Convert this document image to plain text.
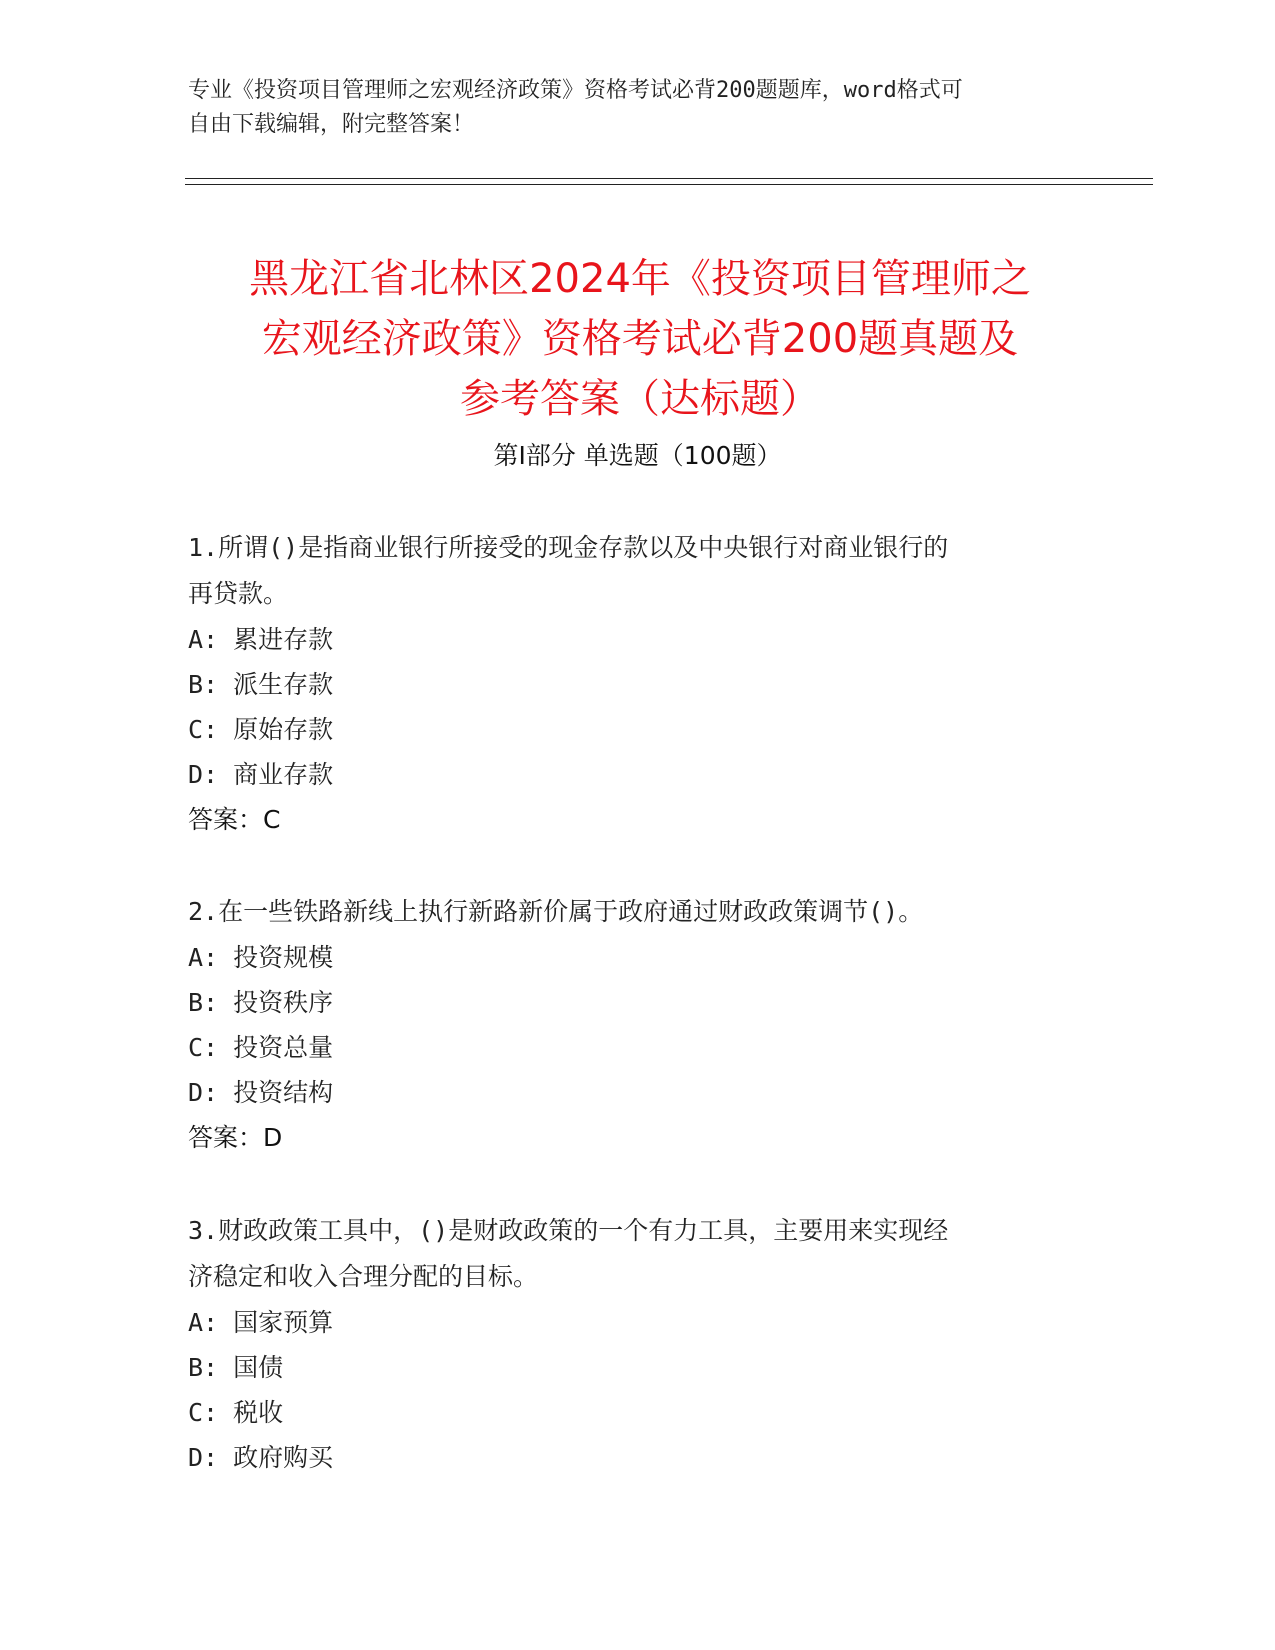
专业《投资项目管理师之宏观经济政策》资格考试必背200题题库，word格式可
自由下载编辑，附完整答案！
黑龙江省北林区2024年《投资项目管理师之
宏观经济政策》资格考试必背200题真题及
参考答案（达标题）
第Ⅰ部分 单选题（100题）

1.所谓()是指商业银行所接受的现金存款以及中央银行对商业银行的
再贷款。

A: 累进存款

B: 派生存款

C: 原始存款

D: 商业存款

答案：C

2.在一些铁路新线上执行新路新价属于政府通过财政政策调节()。

A: 投资规模

B: 投资秩序

C: 投资总量

D: 投资结构

答案：D

3.财政政策工具中，()是财政政策的一个有力工具，主要用来实现经
济稳定和收入合理分配的目标。

A: 国家预算

B: 国债

C: 税收

D: 政府购买
